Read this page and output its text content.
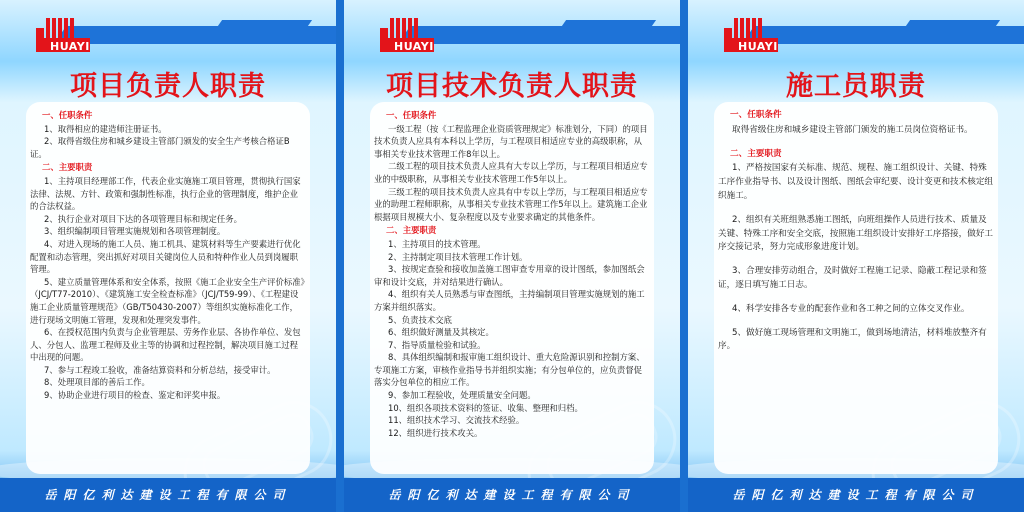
HUAYI
项目负责人职责
一、任职条件
1、取得相应的建造师注册证书。
2、取得省级住房和城乡建设主管部门颁发的安全生产考核合格证B证。
二、主要职责
1、主持项目经理部工作，代表企业实施施工项目管理，贯彻执行国家法律、法规、方针、政策和强制性标准，执行企业的管理制度，维护企业的合法权益。
2、执行企业对项目下达的各项管理目标和规定任务。
3、组织编制项目管理实施规划和各项管理制度。
4、对进入现场的施工人员、施工机具、建筑材料等生产要素进行优化配置和动态管理，突出抓好对项目关键岗位人员和特种作业人员到岗履职管理。
5、建立质量管理体系和安全体系，按照《施工企业安全生产评价标准》（JCJ/T77-2010）、《建筑施工安全检查标准》（JCJ/T59-99）、《工程建设施工企业质量管理规范》（GB/T50430-2007）等组织实施标准化工作，进行现场文明施工管理，发现和处理突发事件。
6、在授权范围内负责与企业管理层、劳务作业层、各协作单位、发包人、分包人、监理工程师及业主等的协调和过程控制，解决项目施工过程中出现的问题。
7、参与工程竣工验收，准备结算资料和分析总结，接受审计。
8、处理项目部的善后工作。
9、协助企业进行项目的检查、鉴定和评奖申报。
岳阳亿利达建设工程有限公司
HUAYI
项目技术负责人职责
一、任职条件
一级工程（按《工程监理企业资质管理规定》标准划分，下同）的项目技术负责人应具有本科以上学历，与工程项目相适应专业的高级职称，从事相关专业技术管理工作8年以上。
二级工程的项目技术负责人应具有大专以上学历，与工程项目相适应专业的中级职称，从事相关专业技术管理工作5年以上。
三级工程的项目技术负责人应具有中专以上学历，与工程项目相适应专业的助理工程师职称，从事相关专业技术管理工作5年以上。建筑施工企业根据项目规模大小、复杂程度以及专业要求确定的其他条件。
二、主要职责
1、主持项目的技术管理。
2、主持制定项目技术管理工作计划。
3、按规定查验和接收加盖施工图审查专用章的设计图纸，参加图纸会审和设计交底，并对结果进行确认。
4、组织有关人员熟悉与审查图纸，主持编制项目管理实施规划的施工方案并组织落实。
5、负责技术交底
6、组织做好测量及其核定。
7、指导质量检验和试验。
8、具体组织编制和报审施工组织设计、重大危险源识别和控制方案、专项施工方案，审核作业指导书并组织实施；有分包单位的，应负责督促落实分包单位的相应工作。
9、参加工程验收，处理质量安全问题。
10、组织各项技术资料的签证、收集、整理和归档。
11、组织技术学习、交流技术经验。
12、组织进行技术攻关。
岳阳亿利达建设工程有限公司
HUAYI
施工员职责
一、任职条件
取得省级住房和城乡建设主管部门颁发的施工员岗位资格证书。
二、主要职责
1、严格按国家有关标准、规范、规程、施工组织设计、关键、特殊工序作业指导书、以及设计图纸、图纸会审纪要、设计变更和技术核定组织施工。
2、组织有关班组熟悉施工图纸，向班组操作人员进行技术、质量及关键、特殊工序和安全交底，按照施工组织设计安排好工序搭接，做好工序交接记录，努力完成形象进度计划。
3、合理安排劳动组合，及时做好工程施工记录、隐蔽工程记录和签证，逐日填写施工日志。
4、科学安排各专业的配套作业和各工种之间的立体交叉作业。
5、做好施工现场管理和文明施工，做到场地清洁，材料堆放整齐有序。
岳阳亿利达建设工程有限公司
